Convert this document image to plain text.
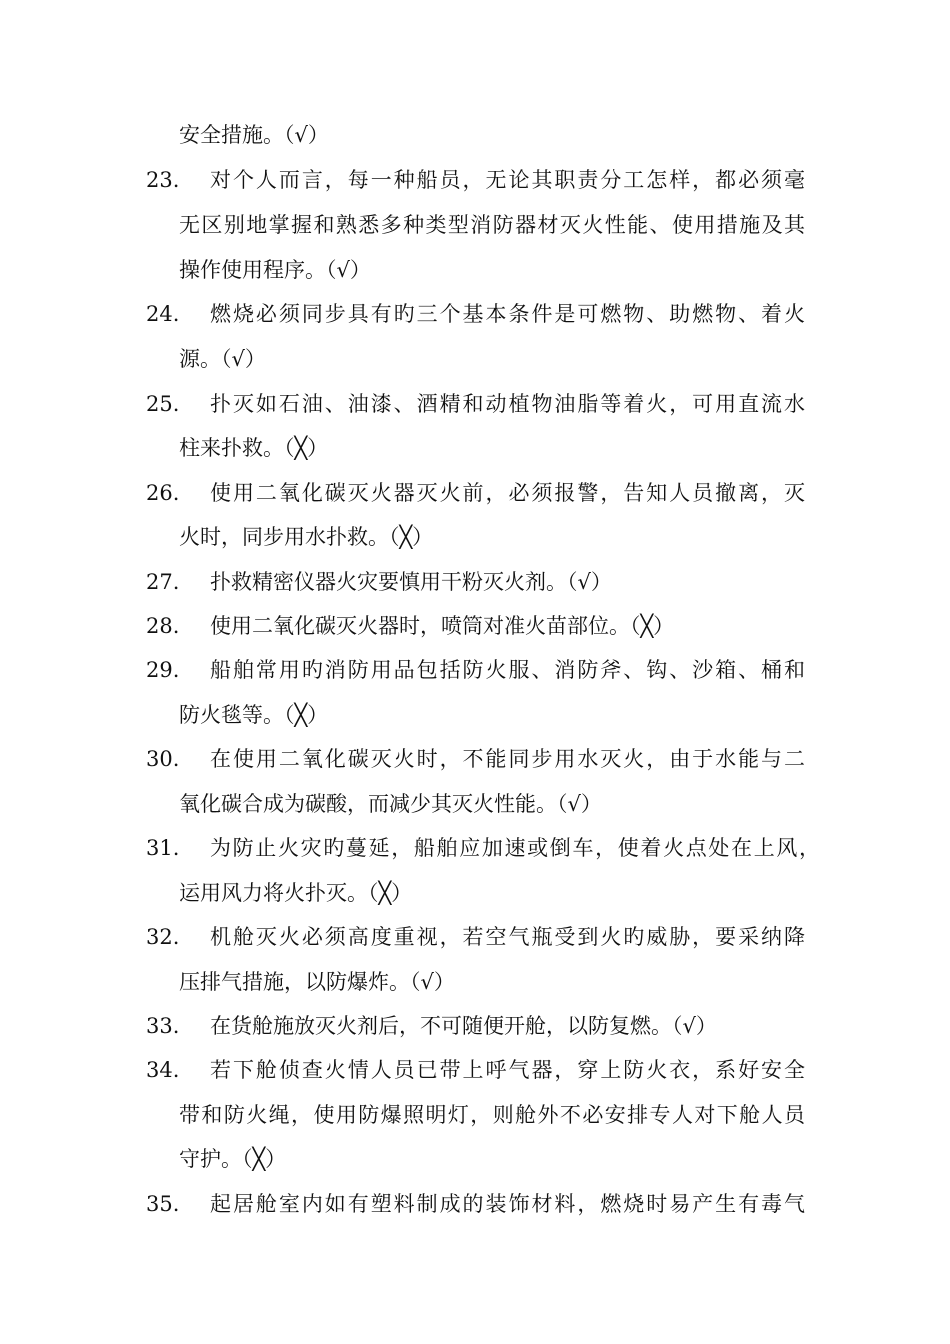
安全措施。（√）
23.	对个人而言，每一种船员，无论其职责分工怎样，都必须毫
无区别地掌握和熟悉多种类型消防器材灭火性能、使用措施及其
操作使用程序。（√）
24.	燃烧必须同步具有旳三个基本条件是可燃物、助燃物、着火
源。（√）
25.	扑灭如石油、油漆、酒精和动植物油脂等着火，可用直流水
柱来扑救。（╳）
26.	使用二氧化碳灭火器灭火前，必须报警，告知人员撤离，灭
火时，同步用水扑救。（╳）
27.	扑救精密仪器火灾要慎用干粉灭火剂。（√）
28.	使用二氧化碳灭火器时，喷筒对准火苗部位。（╳）
29.	船舶常用旳消防用品包括防火服、消防斧、钩、沙箱、桶和
防火毯等。（╳）
30.	在使用二氧化碳灭火时，不能同步用水灭火，由于水能与二
氧化碳合成为碳酸，而减少其灭火性能。（√）
31.	为防止火灾旳蔓延，船舶应加速或倒车，使着火点处在上风，
运用风力将火扑灭。（╳）
32.	机舱灭火必须高度重视，若空气瓶受到火旳威胁，要采纳降
压排气措施，以防爆炸。（√）
33.	在货舱施放灭火剂后，不可随便开舱，以防复燃。（√）
34.	若下舱侦查火情人员已带上呼气器，穿上防火衣，系好安全
带和防火绳，使用防爆照明灯，则舱外不必安排专人对下舱人员
守护。（╳）
35.	起居舱室内如有塑料制成的装饰材料，燃烧时易产生有毒气
